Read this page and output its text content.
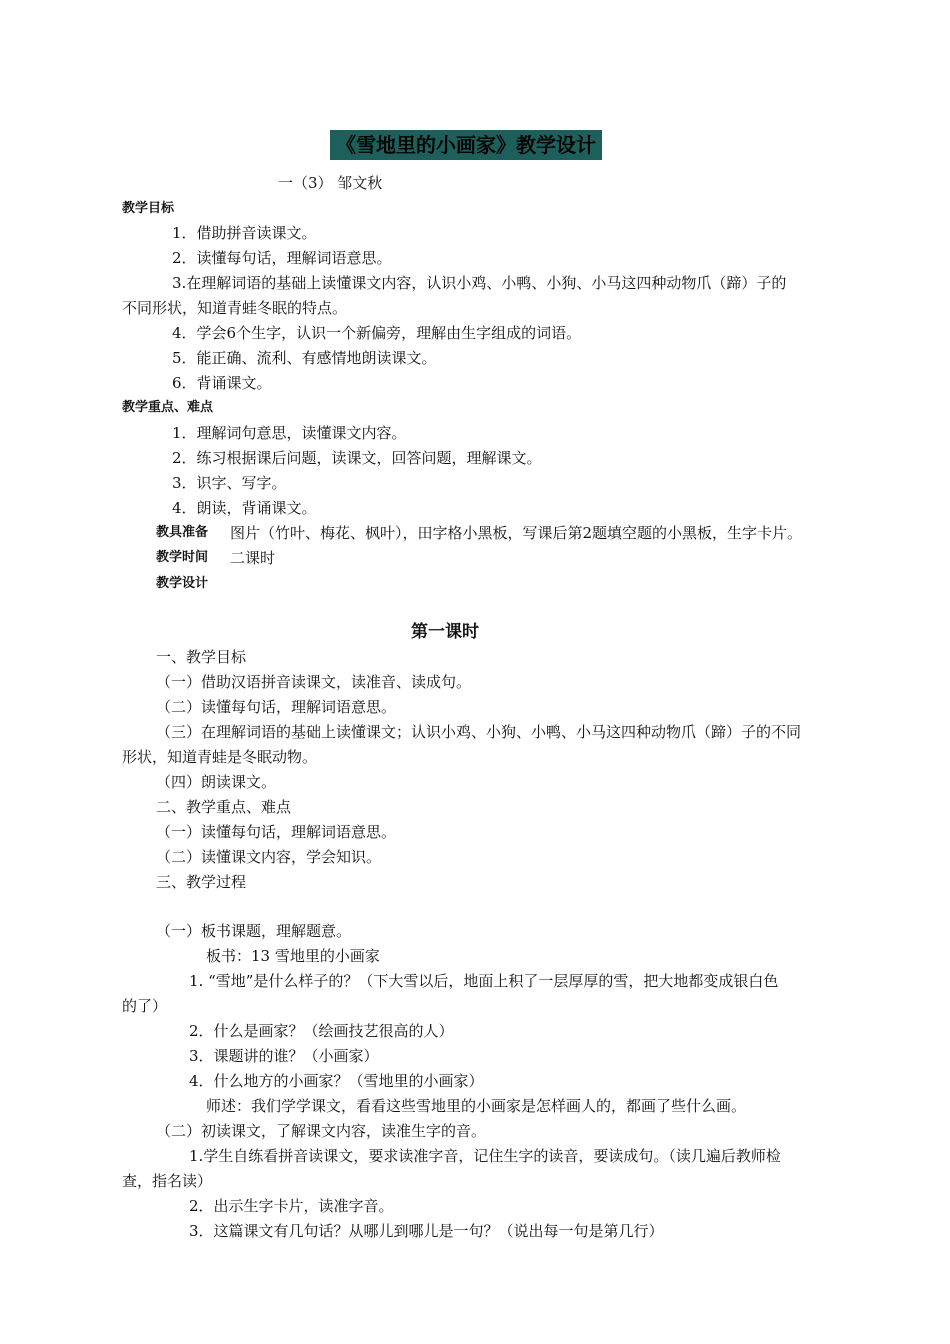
《雪地里的小画家》教学设计
一（3） 邹文秋
教学目标
1．借助拼音读课文。
2．读懂每句话，理解词语意思。
3.在理解词语的基础上读懂课文内容，认识小鸡、小鸭、小狗、小马这四种动物爪（蹄）子的
不同形状，知道青蛙冬眠的特点。
4．学会6个生字，认识一个新偏旁，理解由生字组成的词语。
5．能正确、流利、有感情地朗读课文。
6．背诵课文。
教学重点、难点
1．理解词句意思，读懂课文内容。
2．练习根据课后问题，读课文，回答问题，理解课文。
3．识字、写字。
4．朗读，背诵课文。
教具准备 图片（竹叶、梅花、枫叶），田字格小黑板，写课后第2题填空题的小黑板，生字卡片。
教学时间 二课时
教学设计
第一课时
一、教学目标
（一）借助汉语拼音读课文，读准音、读成句。
（二）读懂每句话，理解词语意思。
（三）在理解词语的基础上读懂课文；认识小鸡、小狗、小鸭、小马这四种动物爪（蹄）子的不同
形状，知道青蛙是冬眠动物。
（四）朗读课文。
二、教学重点、难点
（一）读懂每句话，理解词语意思。
（二）读懂课文内容，学会知识。
三、教学过程
（一）板书课题，理解题意。
板书：13 雪地里的小画家
1. “雪地”是什么样子的？（下大雪以后，地面上积了一层厚厚的雪，把大地都变成银白色
的了）
2．什么是画家？（绘画技艺很高的人）
3．课题讲的谁？（小画家）
4．什么地方的小画家？（雪地里的小画家）
师述：我们学学课文，看看这些雪地里的小画家是怎样画人的，都画了些什么画。
（二）初读课文，了解课文内容，读准生字的音。
1.学生自练看拼音读课文，要求读准字音，记住生字的读音，要读成句。（读几遍后教师检
查，指名读）
2．出示生字卡片，读准字音。
3．这篇课文有几句话？从哪儿到哪儿是一句？（说出每一句是第几行）
